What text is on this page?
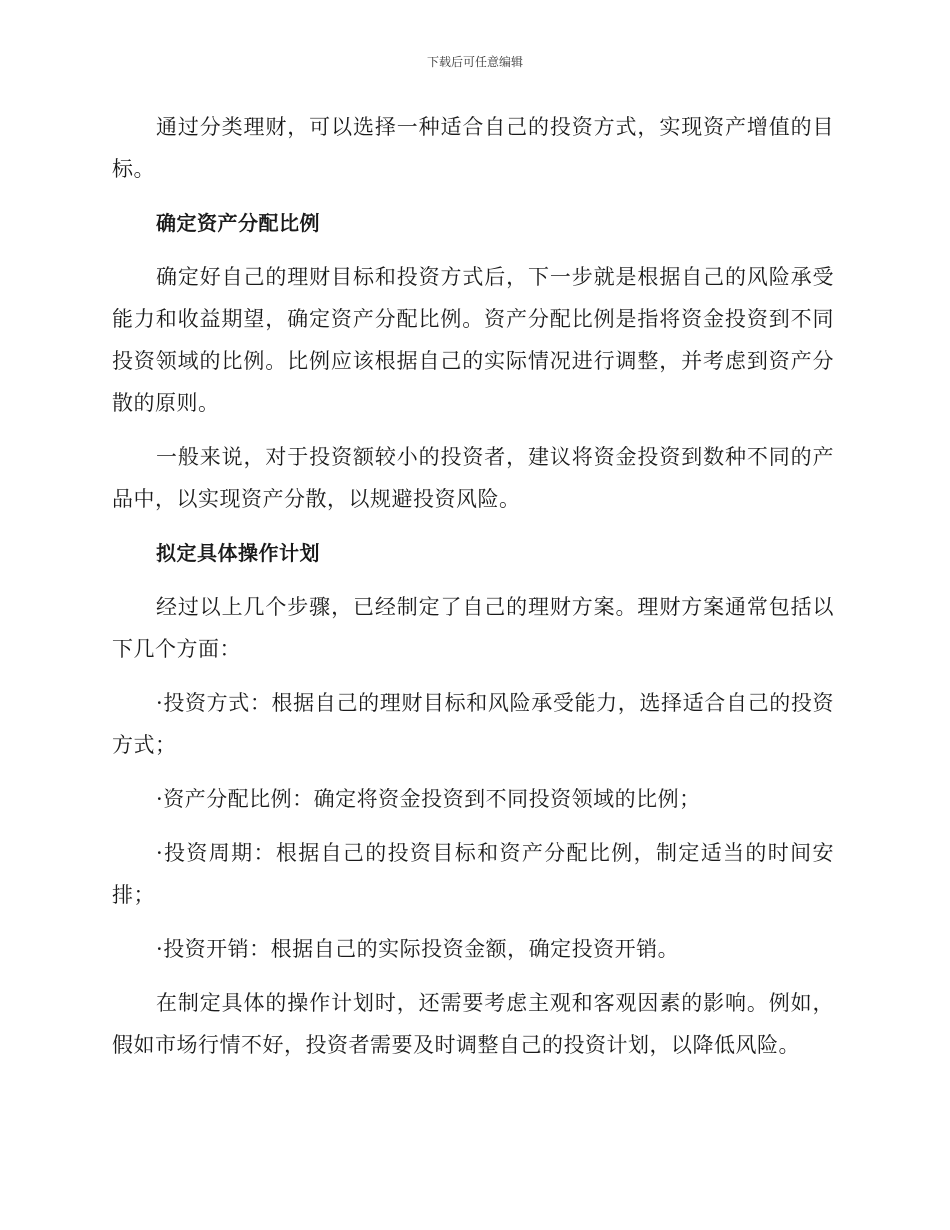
下载后可任意编辑

通过分类理财，可以选择一种适合自己的投资方式，实现资产增值的目标。

确定资产分配比例

确定好自己的理财目标和投资方式后，下一步就是根据自己的风险承受能力和收益期望，确定资产分配比例。资产分配比例是指将资金投资到不同投资领域的比例。比例应该根据自己的实际情况进行调整，并考虑到资产分散的原则。

一般来说，对于投资额较小的投资者，建议将资金投资到数种不同的产品中，以实现资产分散，以规避投资风险。

拟定具体操作计划

经过以上几个步骤，已经制定了自己的理财方案。理财方案通常包括以下几个方面：

·投资方式：根据自己的理财目标和风险承受能力，选择适合自己的投资方式；

·资产分配比例：确定将资金投资到不同投资领域的比例；

·投资周期：根据自己的投资目标和资产分配比例，制定适当的时间安排；

·投资开销：根据自己的实际投资金额，确定投资开销。

在制定具体的操作计划时，还需要考虑主观和客观因素的影响。例如，假如市场行情不好，投资者需要及时调整自己的投资计划，以降低风险。
